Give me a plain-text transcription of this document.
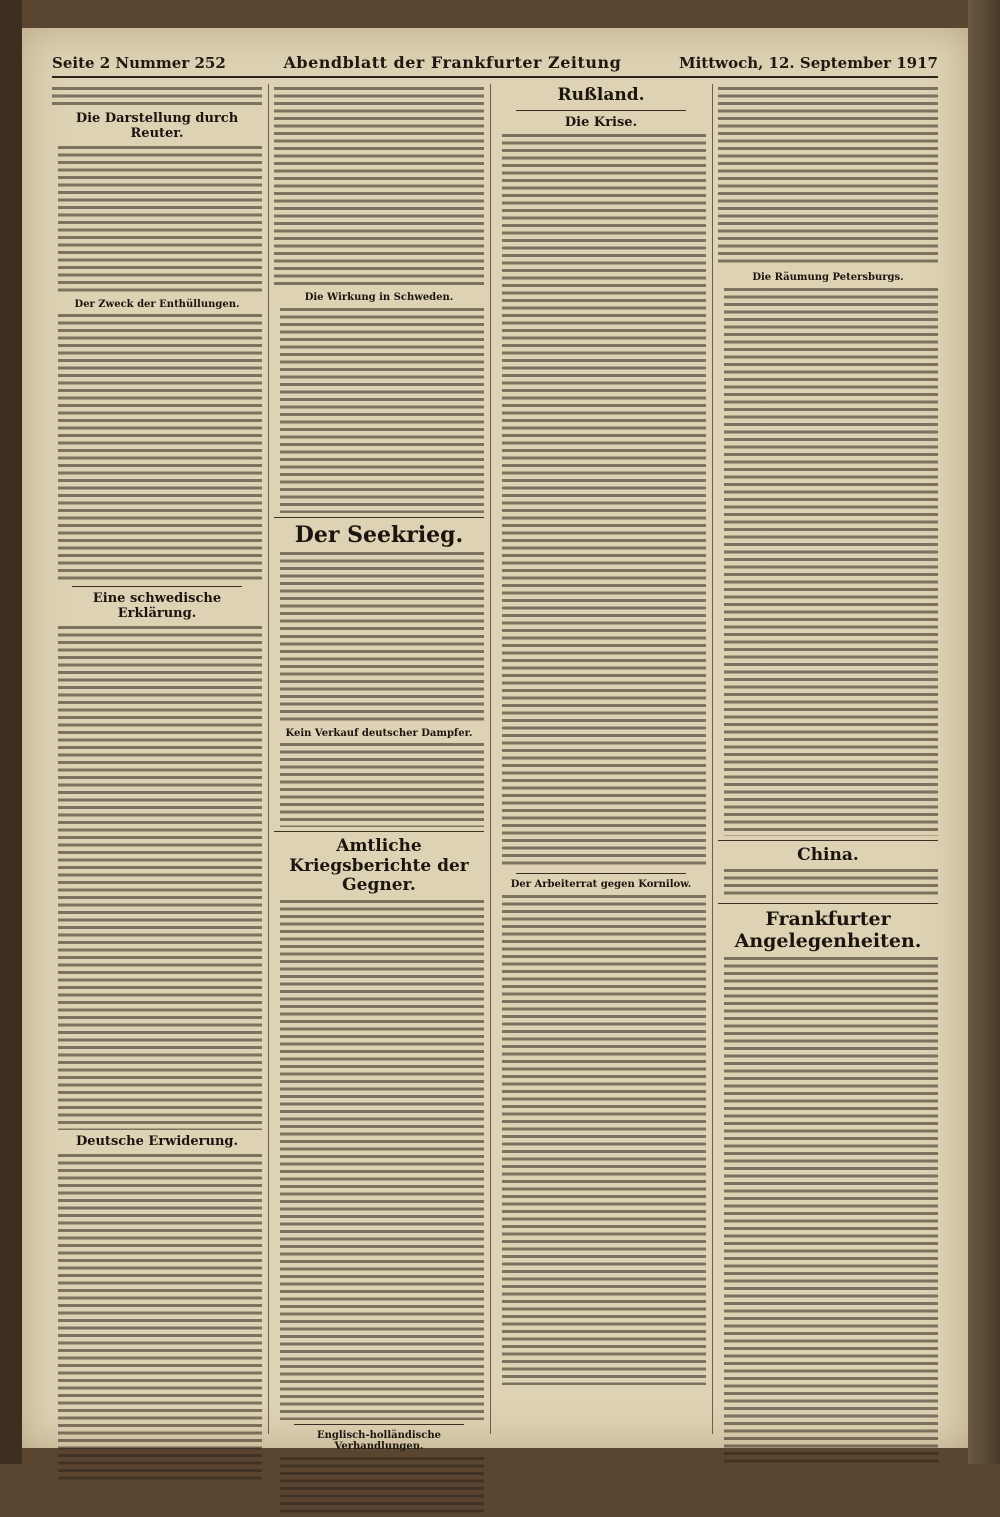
Seite 2 Nummer 252	Abendblatt der Frankfurter Zeitung	Mittwoch, 12. September 1917
Die Darstellung durch Reuter.
Der Zweck der Enthüllungen.
Eine schwedische Erklärung.
Deutsche Erwiderung.
Die Wirkung in Schweden.
Der Seekrieg.
Kein Verkauf deutscher Dampfer.
Amtliche Kriegsberichte der Gegner.
Englisch-holländische Verhandlungen.
Rußland.
Die Krise.
Der Arbeiterrat gegen Kornilow.
Die Räumung Petersburgs.
China.
Frankfurter Angelegenheiten.
